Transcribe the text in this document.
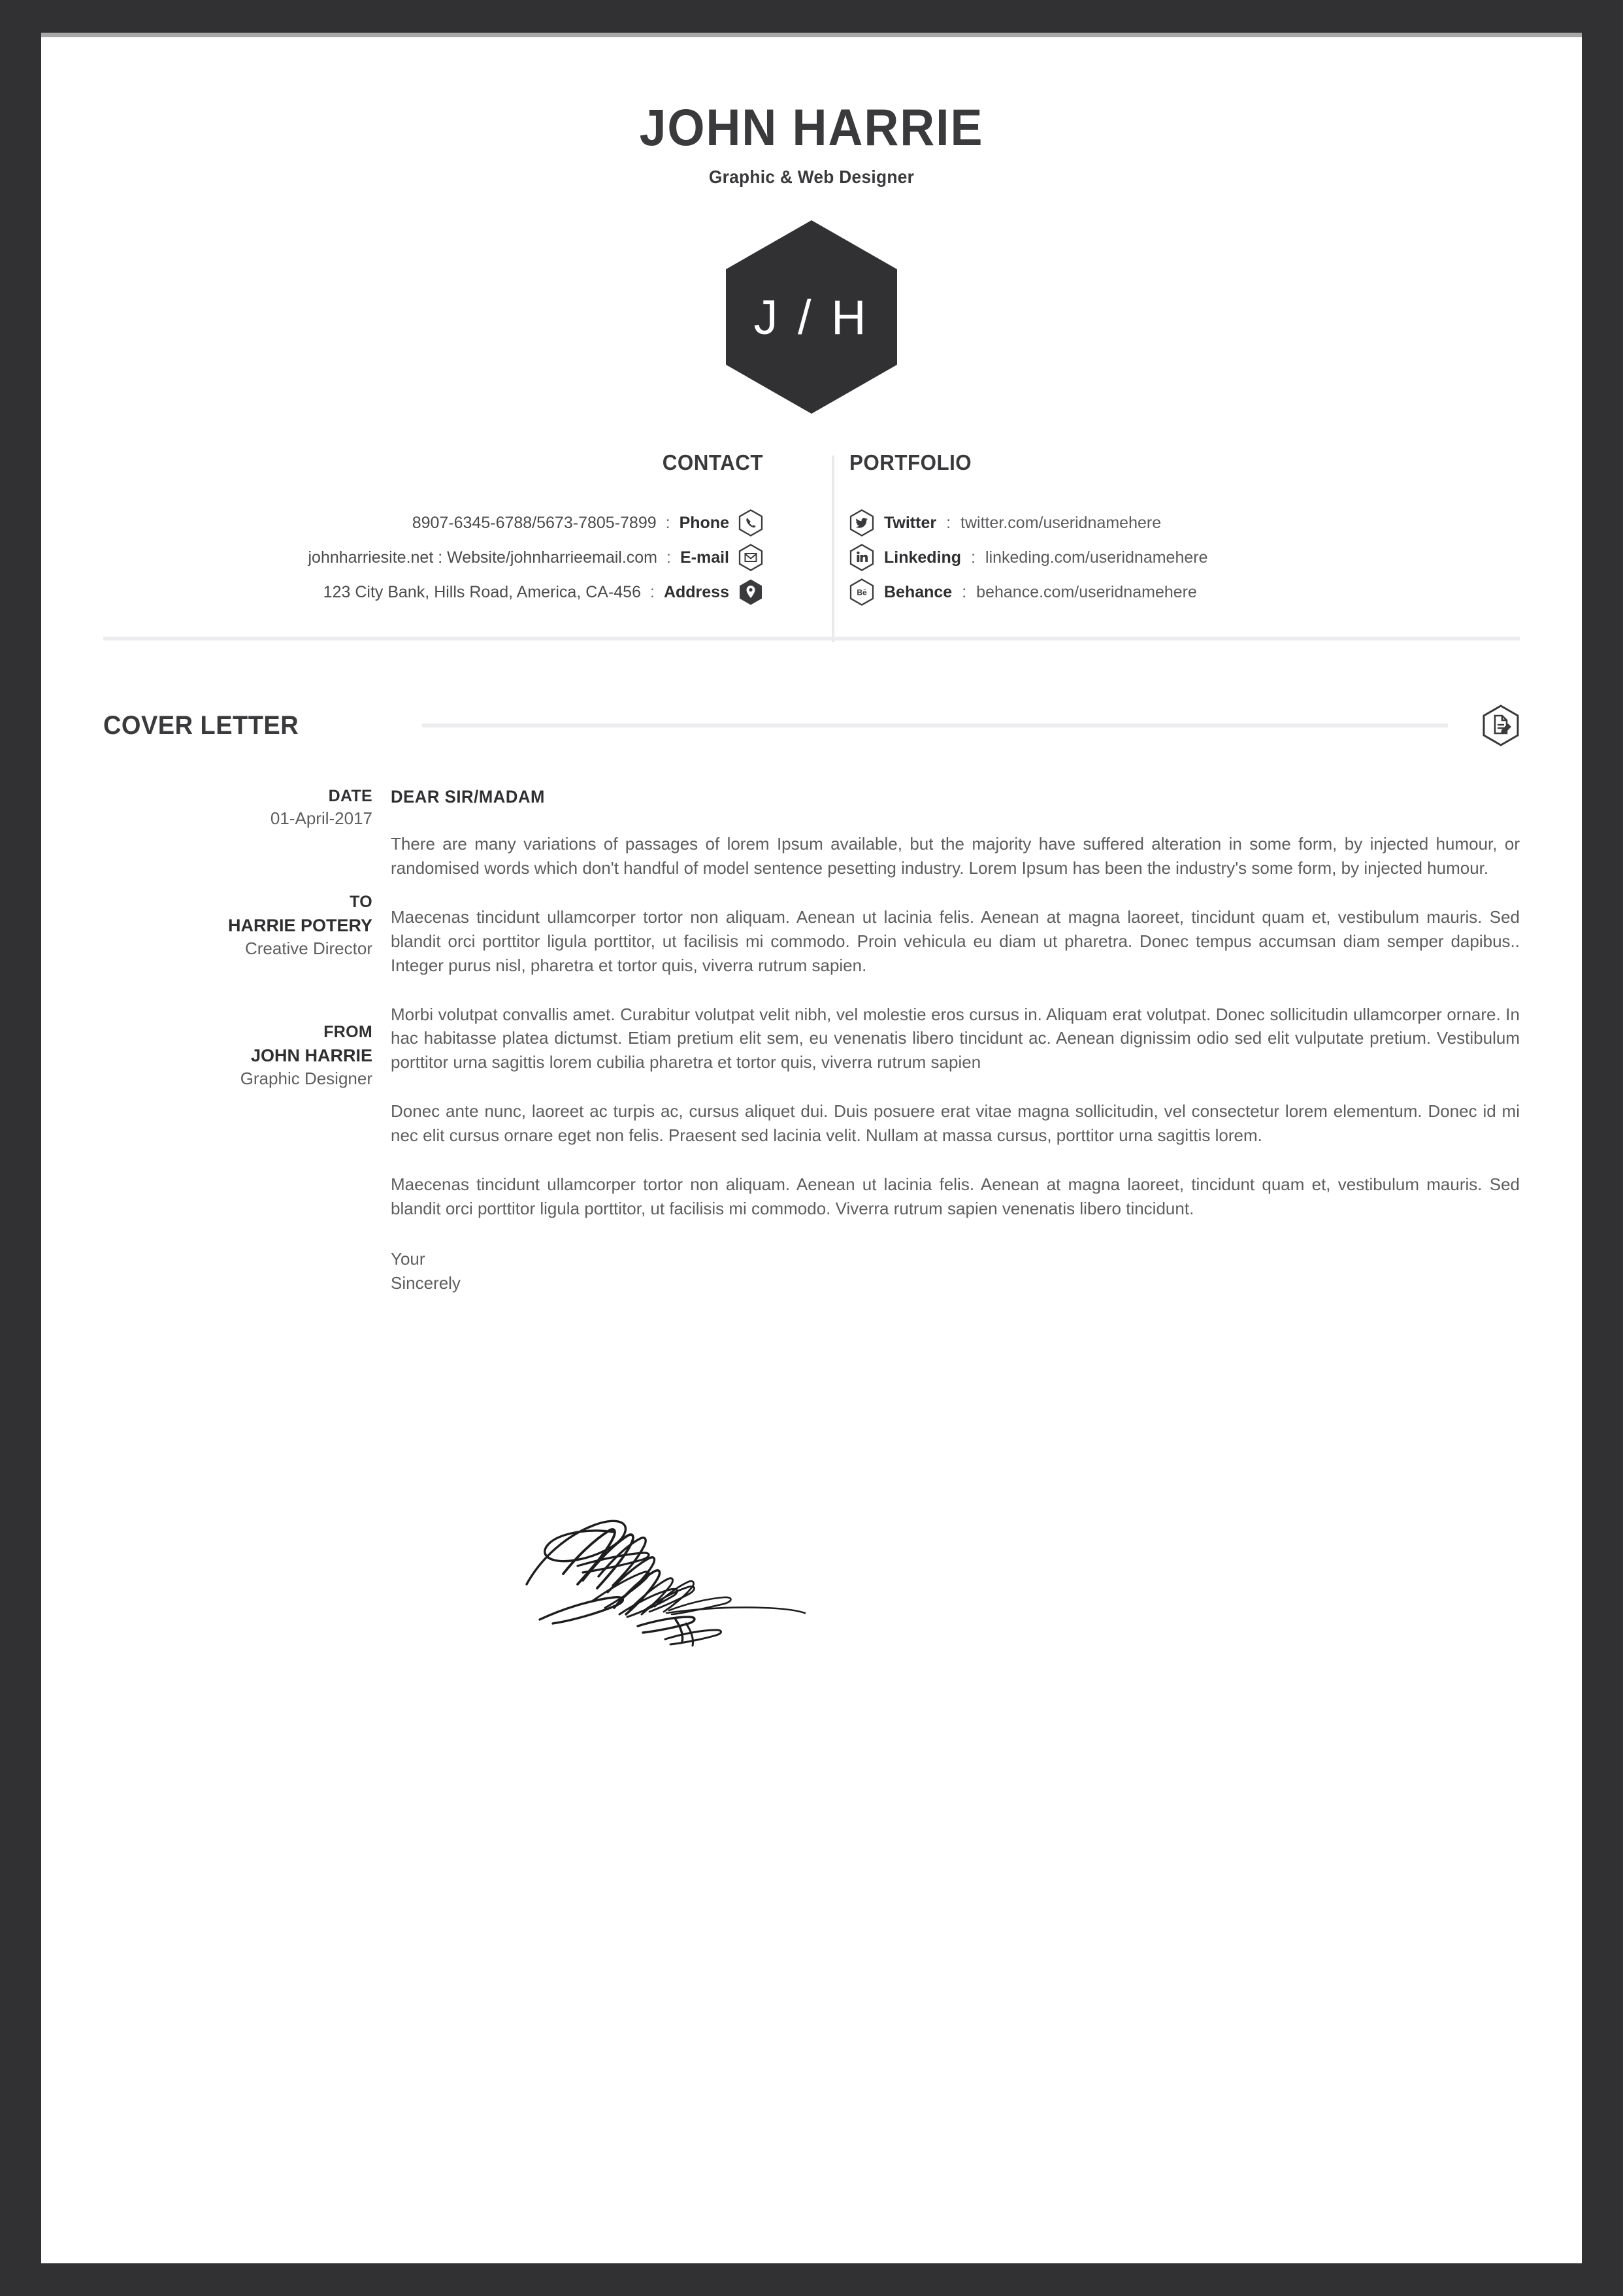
JOHN HARRIE
Graphic & Web Designer
J / H
CONTACT
8907-6345-6788/5673-7805-7899 : Phone
johnharriesite.net : Website/johnharrieemail.com : E-mail
123 City Bank, Hills Road, America, CA-456 : Address
PORTFOLIO
Twitter : twitter.com/useridnamehere
Linkeding : linkeding.com/useridnamehere
Bē Behance : behance.com/useridnamehere
COVER LETTER
DATE
01-April-2017
TO
HARRIE POTERY
Creative Director
FROM
JOHN HARRIE
Graphic Designer
DEAR SIR/MADAM

There are many variations of passages of lorem Ipsum available, but the majority have suffered alteration in some form, by injected humour, or randomised words which don't handful of model sentence pesetting industry. Lorem Ipsum has been the industry's some form, by injected humour.

Maecenas tincidunt ullamcorper tortor non aliquam. Aenean ut lacinia felis. Aenean at magna laoreet, tincidunt quam et, vestibulum mauris. Sed blandit orci porttitor ligula porttitor, ut facilisis mi commodo. Proin vehicula eu diam ut pharetra. Donec tempus accumsan diam semper dapibus.. Integer purus nisl, pharetra et tortor quis, viverra rutrum sapien.

Morbi volutpat convallis amet. Curabitur volutpat velit nibh, vel molestie eros cursus in. Aliquam erat volutpat. Donec sollicitudin ullamcorper ornare. In hac habitasse platea dictumst. Etiam pretium elit sem, eu venenatis libero tincidunt ac. Aenean dignissim odio sed elit vulputate pretium. Vestibulum porttitor urna sagittis lorem cubilia pharetra et tortor quis, viverra rutrum sapien

Donec ante nunc, laoreet ac turpis ac, cursus aliquet dui. Duis posuere erat vitae magna sollicitudin, vel consectetur lorem elementum. Donec id mi nec elit cursus ornare eget non felis. Praesent sed lacinia velit. Nullam at massa cursus, porttitor urna sagittis lorem.

Maecenas tincidunt ullamcorper tortor non aliquam. Aenean ut lacinia felis. Aenean at magna laoreet, tincidunt quam et, vestibulum mauris. Sed blandit orci porttitor ligula porttitor, ut facilisis mi commodo. Viverra rutrum sapien venenatis libero tincidunt.

Your
Sincerely
